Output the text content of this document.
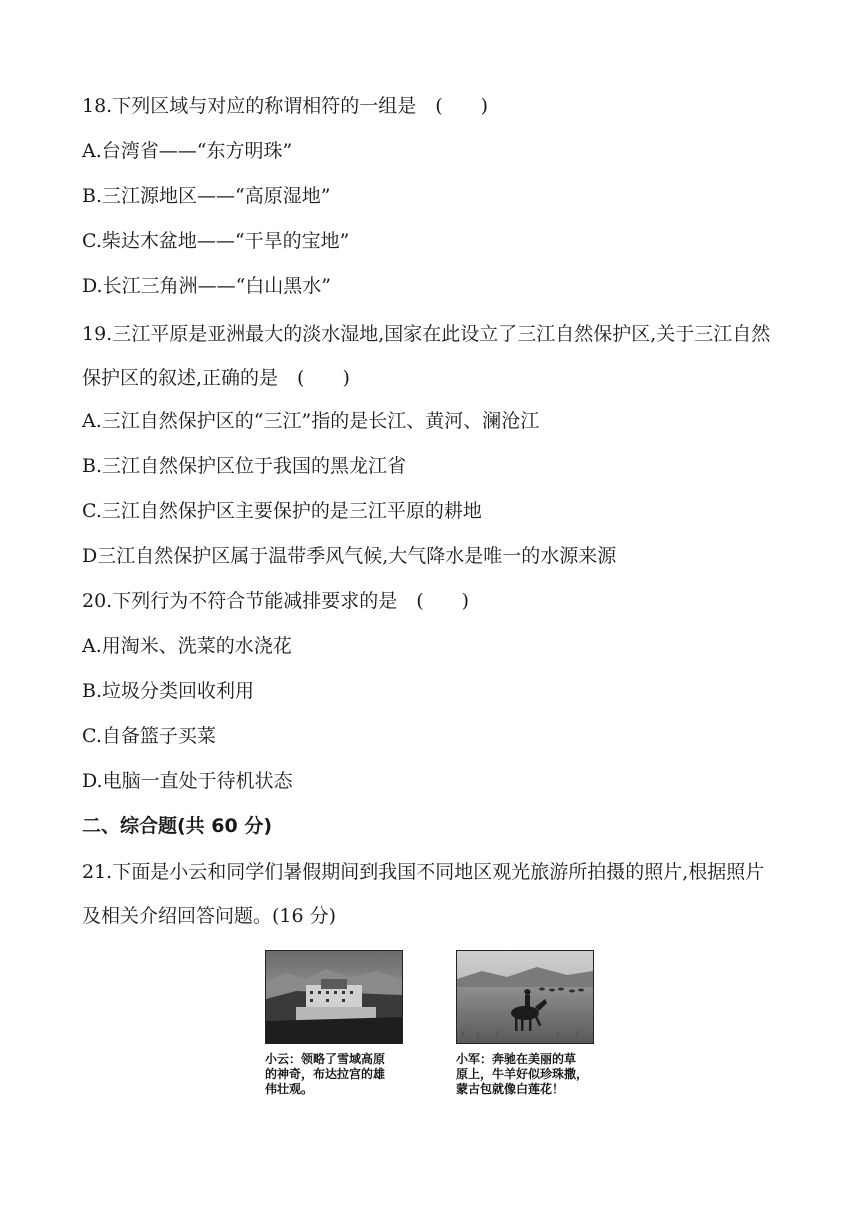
18.下列区域与对应的称谓相符的一组是　(　　)
A.台湾省——“东方明珠”
B.三江源地区——“高原湿地”
C.柴达木盆地——“干旱的宝地”
D.长江三角洲——“白山黑水”
19.三江平原是亚洲最大的淡水湿地,国家在此设立了三江自然保护区,关于三江自然保护区的叙述,正确的是　(　　)
A.三江自然保护区的“三江”指的是长江、黄河、澜沧江
B.三江自然保护区位于我国的黑龙江省
C.三江自然保护区主要保护的是三江平原的耕地
D三江自然保护区属于温带季风气候,大气降水是唯一的水源来源
20.下列行为不符合节能减排要求的是　(　　)
A.用淘米、洗菜的水浇花
B.垃圾分类回收利用
C.自备篮子买菜
D.电脑一直处于待机状态
二、综合题(共 60 分)
21.下面是小云和同学们暑假期间到我国不同地区观光旅游所拍摄的照片,根据照片及相关介绍回答问题。(16 分)
小云：领略了雪域高原
的神奇，布达拉宫的雄
伟壮观。
小军：奔驰在美丽的草
原上，牛羊好似珍珠撒，
蒙古包就像白莲花！
